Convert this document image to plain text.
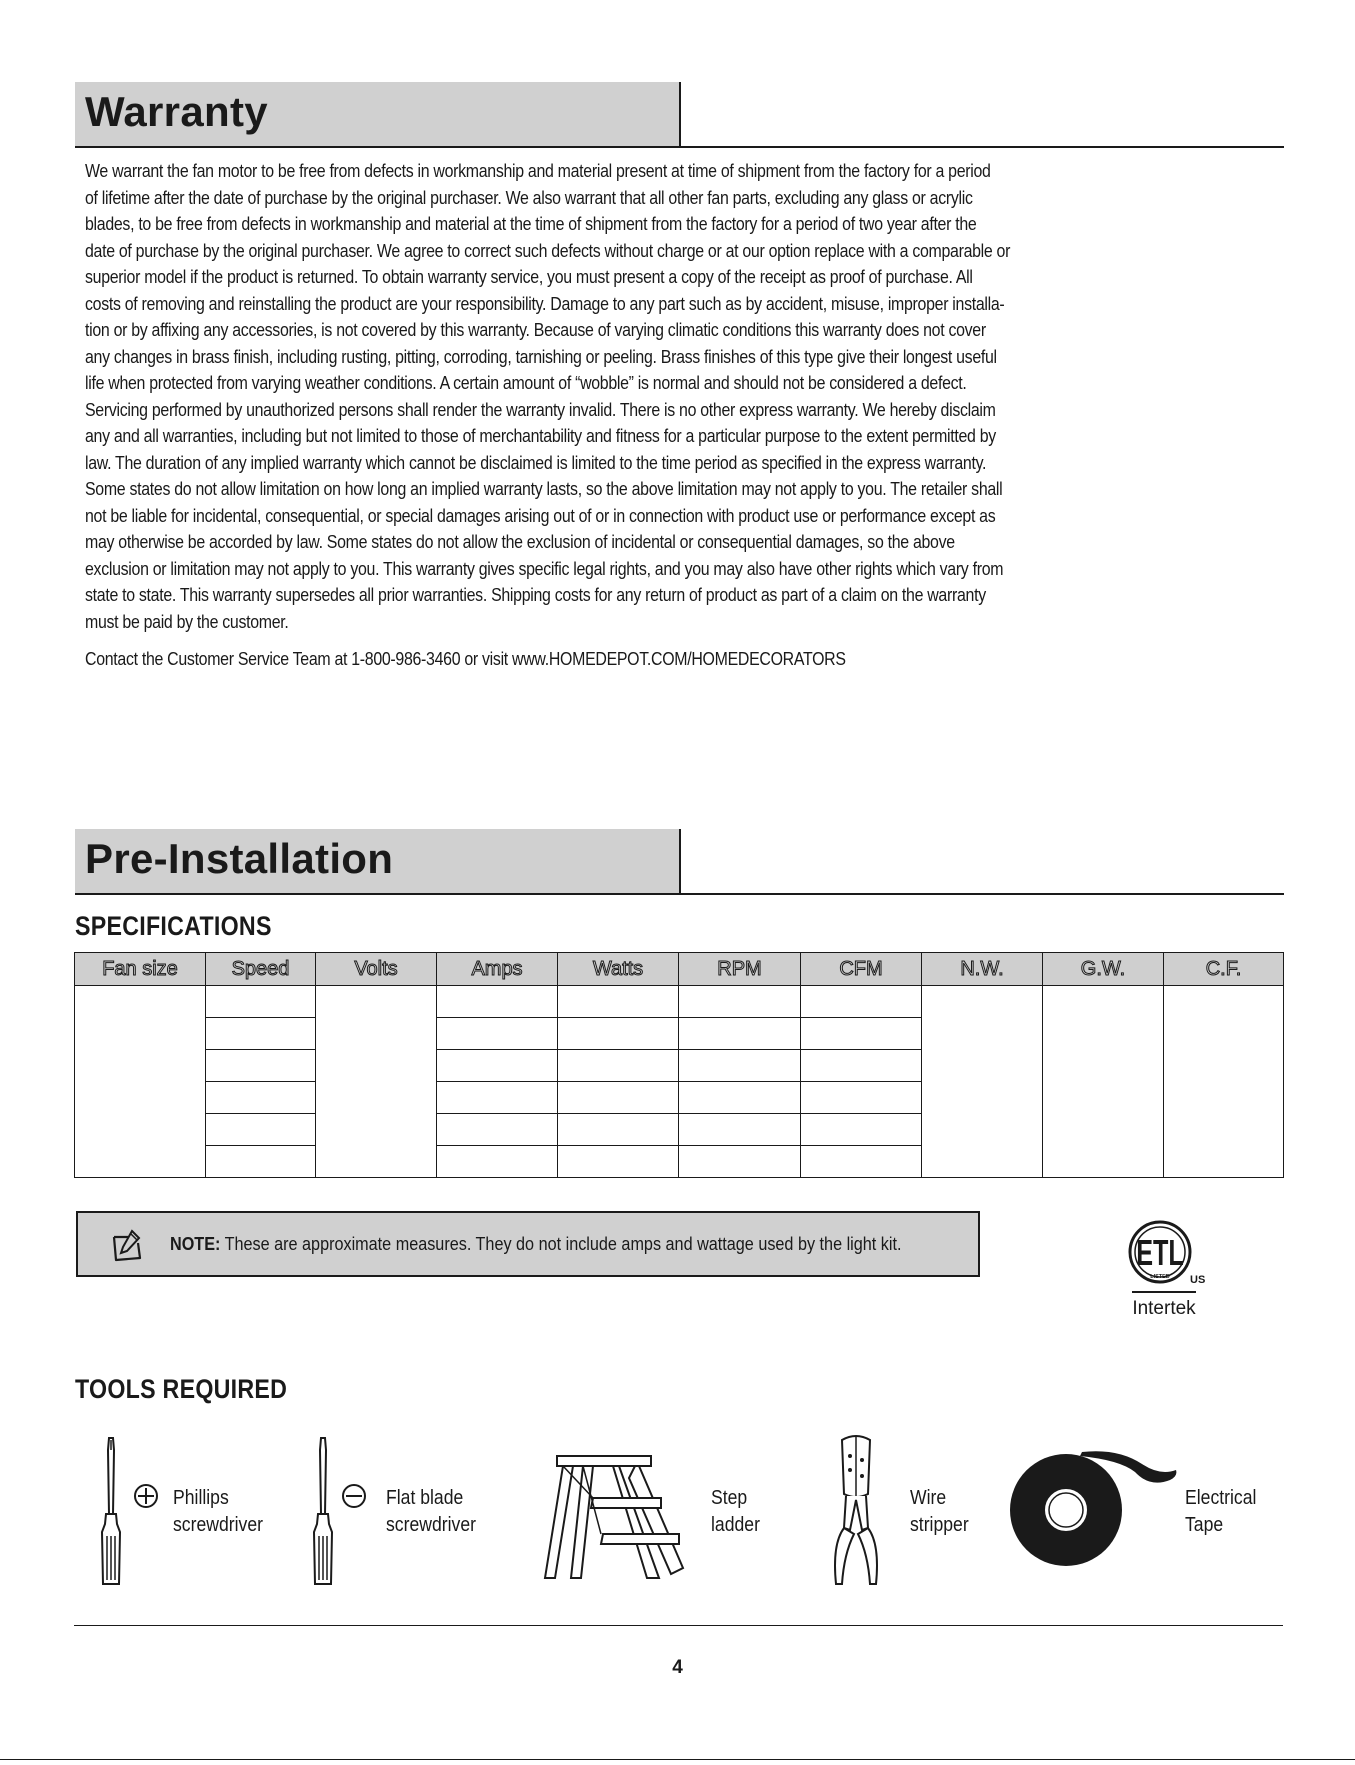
Warranty

We warrant the fan motor to be free from defects in workmanship and material present at time of shipment from the factory for a period

of lifetime after the date of purchase by the original purchaser. We also warrant that all other fan parts, excluding any glass or acrylic

blades, to be free from defects in workmanship and material at the time of shipment from the factory for a period of two year after the

date of purchase by the original purchaser. We agree to correct such defects without charge or at our option replace with a comparable or

superior model if the product is returned. To obtain warranty service, you must present a copy of the receipt as proof of purchase. All

costs of removing and reinstalling the product are your responsibility. Damage to any part such as by accident, misuse, improper installa-

tion or by affixing any accessories, is not covered by this warranty. Because of varying climatic conditions this warranty does not cover

any changes in brass finish, including rusting, pitting, corroding, tarnishing or peeling. Brass finishes of this type give their longest useful

life when protected from varying weather conditions. A certain amount of “wobble” is normal and should not be considered a defect.

Servicing performed by unauthorized persons shall render the warranty invalid. There is no other express warranty. We hereby disclaim

any and all warranties, including but not limited to those of merchantability and fitness for a particular purpose to the extent permitted by

law. The duration of any implied warranty which cannot be disclaimed is limited to the time period as specified in the express warranty.

Some states do not allow limitation on how long an implied warranty lasts, so the above limitation may not apply to you. The retailer shall

not be liable for incidental, consequential, or special damages arising out of or in connection with product use or performance except as

may otherwise be accorded by law. Some states do not allow the exclusion of incidental or consequential damages, so the above

exclusion or limitation may not apply to you. This warranty gives specific legal rights, and you may also have other rights which vary from

state to state. This warranty supersedes all prior warranties. Shipping costs for any return of product as part of a claim on the warranty

must be paid by the customer.

Contact the Customer Service Team at 1-800-986-3460 or visit www.HOMEDEPOT.COM/HOMEDECORATORS
Pre-Installation
SPECIFICATIONS
Fan size	Speed	Volts	Amps	Watts	RPM	CFM	N.W.	G.W.	C.F.

NOTE: These are approximate measures. They do not include amps and wattage used by the light kit.	ETL
LISTED US
Intertek
TOOLS REQUIRED
Phillips
screwdriver
Flat blade
screwdriver
Step
ladder
Wire
stripper
Electrical
Tape
4
